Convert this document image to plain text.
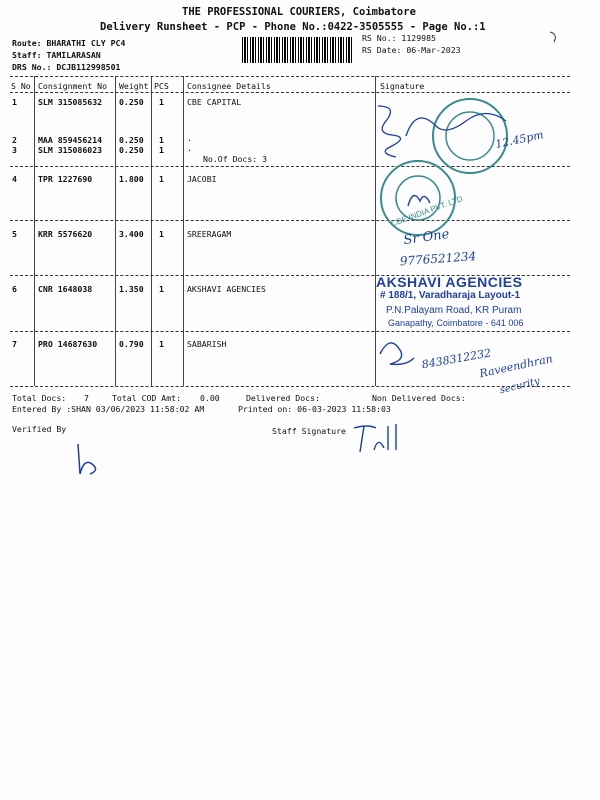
THE PROFESSIONAL COURIERS, Coimbatore
Delivery Runsheet - PCP - Phone No.:0422-3505555 - Page No.:1
Route: BHARATHI CLY PC4
Staff: TAMILARASAN
DRS No.: DCJB112998501
RS No.: 1129985
RS Date: 06-Mar-2023
S No Consignment No Weight PCS Consignee Details	Signature
1	SLM 315085632 0.250 1	CBE CAPITAL
2	MAA 859456214 0.250 1	.
3	SLM 315086023 0.250 1	.
No.Of Docs: 3
4	TPR 1227690	1.800 1	JACOBI
5	KRR 5576620	3.400 1	SREERAGAM
6	CNR 1648038	1.350 1	AKSHAVI AGENCIES
7	PRO 14687630	0.790 1	SABARISH
Total Docs: 7	Total COD Amt: 0.00	Delivered Docs:	Non Delivered Docs:
Entered By :SHAN 03/06/2023 11:58:02 AM	Printed on: 06-03-2023 11:58:03
Verified By	Staff Signature
AKSHAVI AGENCIES
# 188/1, Varadharaja Layout-1
P.N.Palayam Road, KR Puram
Ganapathy, Coimbatore - 641 006
CBE INDIA PVT. LTD.
12.45pm
Sr One
9776521234
8438312232
Raveendhran
security
